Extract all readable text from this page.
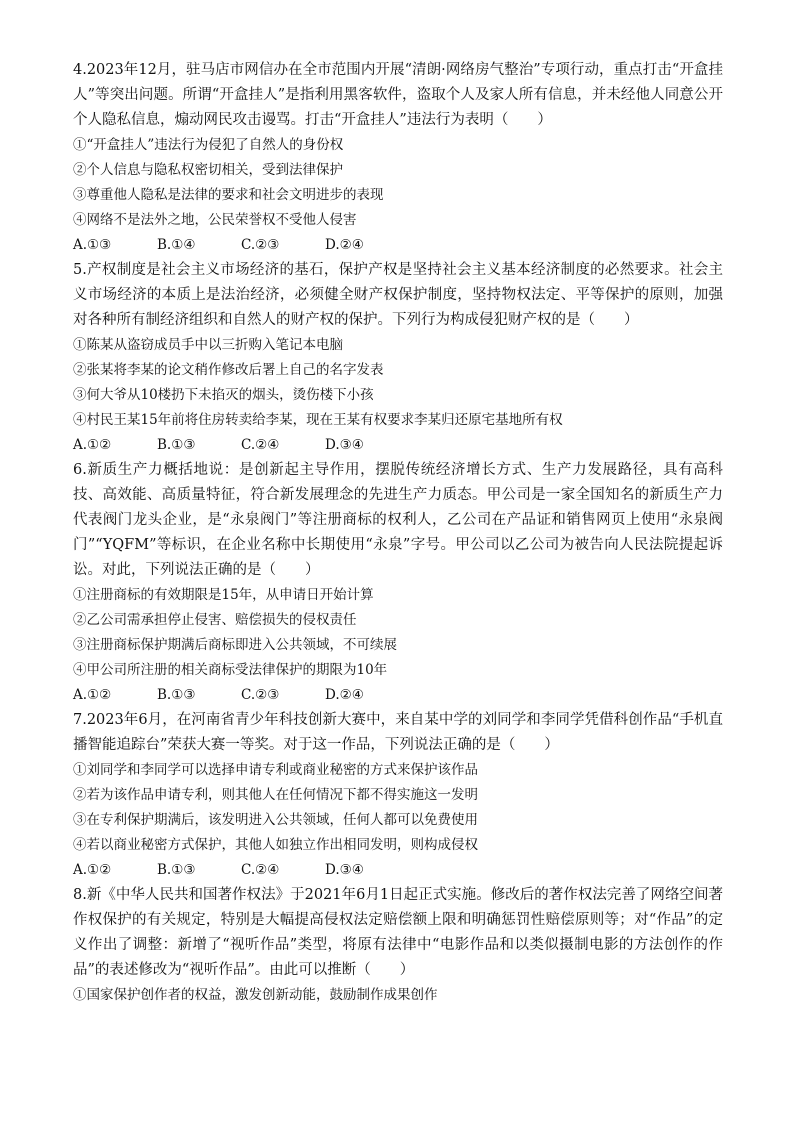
4.2023年12月，驻马店市网信办在全市范围内开展“清朗·网络房气整治”专项行动，重点打击“开盒挂人”等突出问题。所谓“开盒挂人”是指利用黑客软件，盗取个人及家人所有信息，并未经他人同意公开个人隐私信息，煽动网民攻击谩骂。打击“开盒挂人”违法行为表明（　　）

①“开盒挂人”违法行为侵犯了自然人的身份权

②个人信息与隐私权密切相关，受到法律保护

③尊重他人隐私是法律的要求和社会文明进步的表现

④网络不是法外之地，公民荣誉权不受他人侵害

A.①③	B.①④	C.②③	D.②④

5.产权制度是社会主义市场经济的基石，保护产权是坚持社会主义基本经济制度的必然要求。社会主义市场经济的本质上是法治经济，必须健全财产权保护制度，坚持物权法定、平等保护的原则，加强对各种所有制经济组织和自然人的财产权的保护。下列行为构成侵犯财产权的是（　　）

①陈某从盗窃成员手中以三折购入笔记本电脑

②张某将李某的论文稍作修改后署上自己的名字发表

③何大爷从10楼扔下未掐灭的烟头，烫伤楼下小孩

④村民王某15年前将住房转卖给李某，现在王某有权要求李某归还原宅基地所有权

A.①②	B.①③	C.②④	D.③④

6.新质生产力概括地说：是创新起主导作用，摆脱传统经济增长方式、生产力发展路径，具有高科技、高效能、高质量特征，符合新发展理念的先进生产力质态。甲公司是一家全国知名的新质生产力代表阀门龙头企业，是“永泉阀门”等注册商标的权利人，乙公司在产品证和销售网页上使用“永泉阀门”“YQFM”等标识，在企业名称中长期使用“永泉”字号。甲公司以乙公司为被告向人民法院提起诉讼。对此，下列说法正确的是（　　）

①注册商标的有效期限是15年，从申请日开始计算

②乙公司需承担停止侵害、赔偿损失的侵权责任

③注册商标保护期满后商标即进入公共领域，不可续展

④甲公司所注册的相关商标受法律保护的期限为10年

A.①②	B.①③	C.②③	D.②④

7.2023年6月，在河南省青少年科技创新大赛中，来自某中学的刘同学和李同学凭借科创作品“手机直播智能追踪台”荣获大赛一等奖。对于这一作品，下列说法正确的是（　　）

①刘同学和李同学可以选择申请专利或商业秘密的方式来保护该作品

②若为该作品申请专利，则其他人在任何情况下都不得实施这一发明

③在专利保护期满后，该发明进入公共领域，任何人都可以免费使用

④若以商业秘密方式保护，其他人如独立作出相同发明，则构成侵权

A.①②	B.①③	C.②④	D.③④

8.新《中华人民共和国著作权法》于2021年6月1日起正式实施。修改后的著作权法完善了网络空间著作权保护的有关规定，特别是大幅提高侵权法定赔偿额上限和明确惩罚性赔偿原则等；对“作品”的定义作出了调整：新增了“视听作品”类型，将原有法律中“电影作品和以类似摄制电影的方法创作的作品”的表述修改为“视听作品”。由此可以推断（　　）

①国家保护创作者的权益，激发创新动能，鼓励制作成果创作
